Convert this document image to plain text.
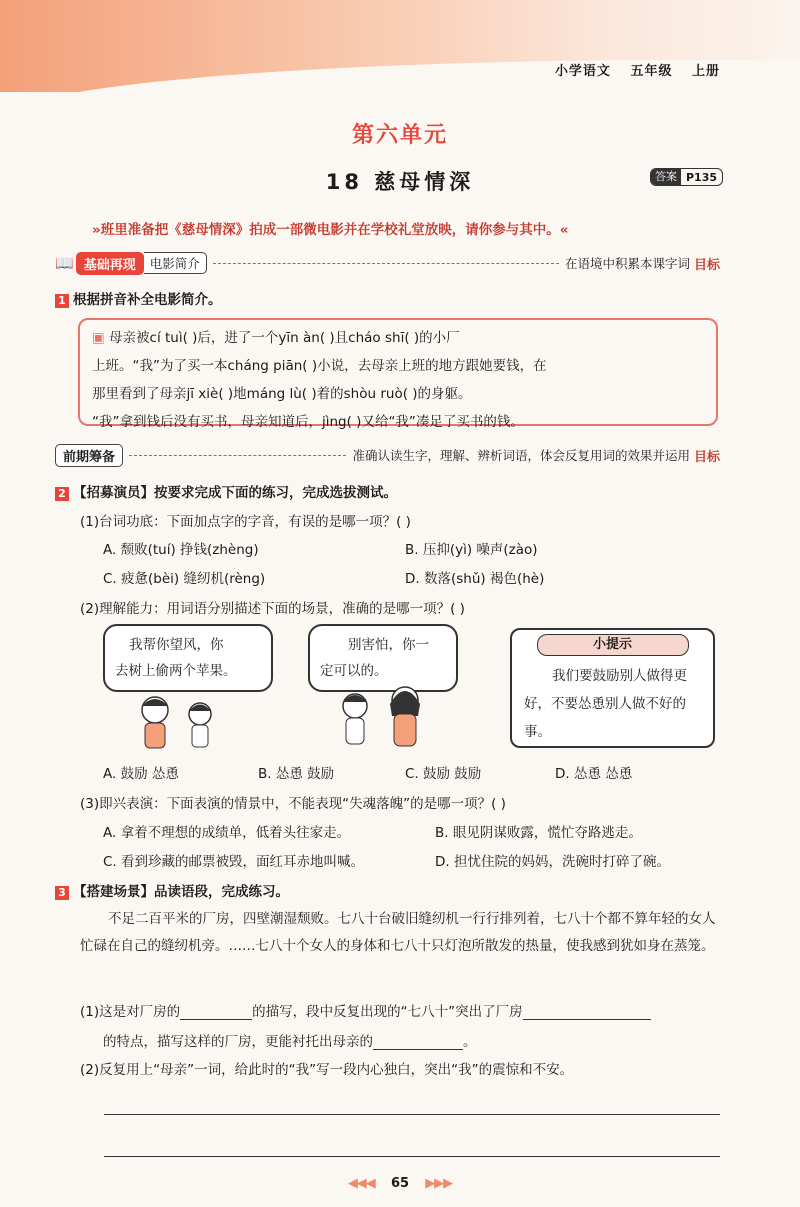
小学语文 五年级 上册
第六单元
18 慈母情深	答案 P135
»班里准备把《慈母情深》拍成一部微电影并在学校礼堂放映，请你参与其中。«
📖 基础再现	电影简介	在语境中积累本课字词 目标
1 根据拼音补全电影简介。
▣ 母亲被cí tuì( )后，进了一个yīn àn( )且cháo shī( )的小厂
上班。“我”为了买一本cháng piān( )小说，去母亲上班的地方跟她要钱，在
那里看到了母亲jī xiè( )地máng lù( )着的shòu ruò( )的身躯。
“我”拿到钱后没有买书，母亲知道后，jìng( )又给“我”凑足了买书的钱。
前期筹备	准确认读生字，理解、辨析词语，体会反复用词的效果并运用 目标
2 【招募演员】按要求完成下面的练习，完成选拔测试。
(1)台词功底：下面加点字的字音，有误的是哪一项？( )
A. 颓败(tuí) 挣钱(zhèng)	B. 压抑(yì) 噪声(zào)
C. 疲惫(bèi) 缝纫机(rèng)	D. 数落(shǔ) 褐色(hè)
(2)理解能力：用词语分别描述下面的场景，准确的是哪一项？( )
我帮你望风，你
去树上偷两个苹果。
别害怕，你一
定可以的。
小提示
我们要鼓励别人做得更好，不要怂恿别人做不好的事。
A. 鼓励 怂恿	B. 怂恿 鼓励	C. 鼓励 鼓励	D. 怂恿 怂恿
(3)即兴表演：下面表演的情景中，不能表现“失魂落魄”的是哪一项？( )
A. 拿着不理想的成绩单，低着头往家走。	B. 眼见阴谋败露，慌忙夺路逃走。
C. 看到珍藏的邮票被毁，面红耳赤地叫喊。	D. 担忧住院的妈妈，洗碗时打碎了碗。
3 【搭建场景】品读语段，完成练习。
不足二百平米的厂房，四壁潮湿颓败。七八十台破旧缝纫机一行行排列着，七八十个都不算年轻的女人忙碌在自己的缝纫机旁。……七八十个女人的身体和七八十只灯泡所散发的热量，使我感到犹如身在蒸笼。
(1)这是对厂房的	的描写，段中反复出现的“七八十”突出了厂房
的特点，描写这样的厂房，更能衬托出母亲的	。
(2)反复用上“母亲”一词，给此时的“我”写一段内心独白，突出“我”的震惊和不安。
◀◀◀ 65 ▶▶▶
